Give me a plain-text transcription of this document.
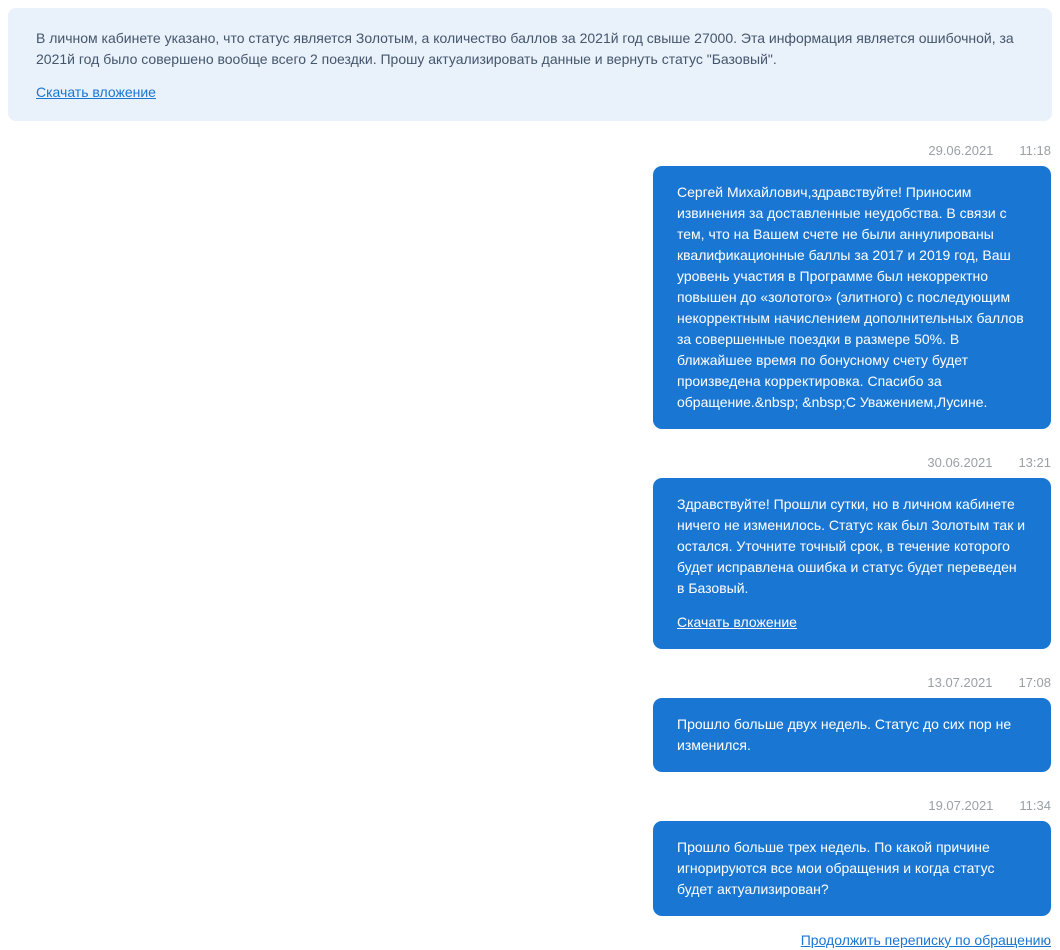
В личном кабинете указано, что статус является Золотым, а количество баллов за 2021й год свыше 27000. Эта информация является ошибочной, за 2021й год было совершено вообще всего 2 поездки. Прошу актуализировать данные и вернуть статус "Базовый".

Скачать вложение
29.06.2021 11:18
Сергей Михайлович,здравствуйте! Приносим извинения за доставленные неудобства. В связи с тем, что на Вашем счете не были аннулированы квалификационные баллы за 2017 и 2019 год, Ваш уровень участия в Программе был некорректно повышен до «золотого» (элитного) с последующим некорректным начислением дополнительных баллов за совершенные поездки в размере 50%. В ближайшее время по бонусному счету будет произведена корректировка. Спасибо за обращение.&nbsp; &nbsp;С Уважением,Лусине.
30.06.2021 13:21
Здравствуйте! Прошли сутки, но в личном кабинете ничего не изменилось. Статус как был Золотым так и остался. Уточните точный срок, в течение которого будет исправлена ошибка и статус будет переведен в Базовый.
Скачать вложение
13.07.2021 17:08
Прошло больше двух недель. Статус до сих пор не изменился.
19.07.2021 11:34
Прошло больше трех недель. По какой причине игнорируются все мои обращения и когда статус будет актуализирован?
Продолжить переписку по обращению
